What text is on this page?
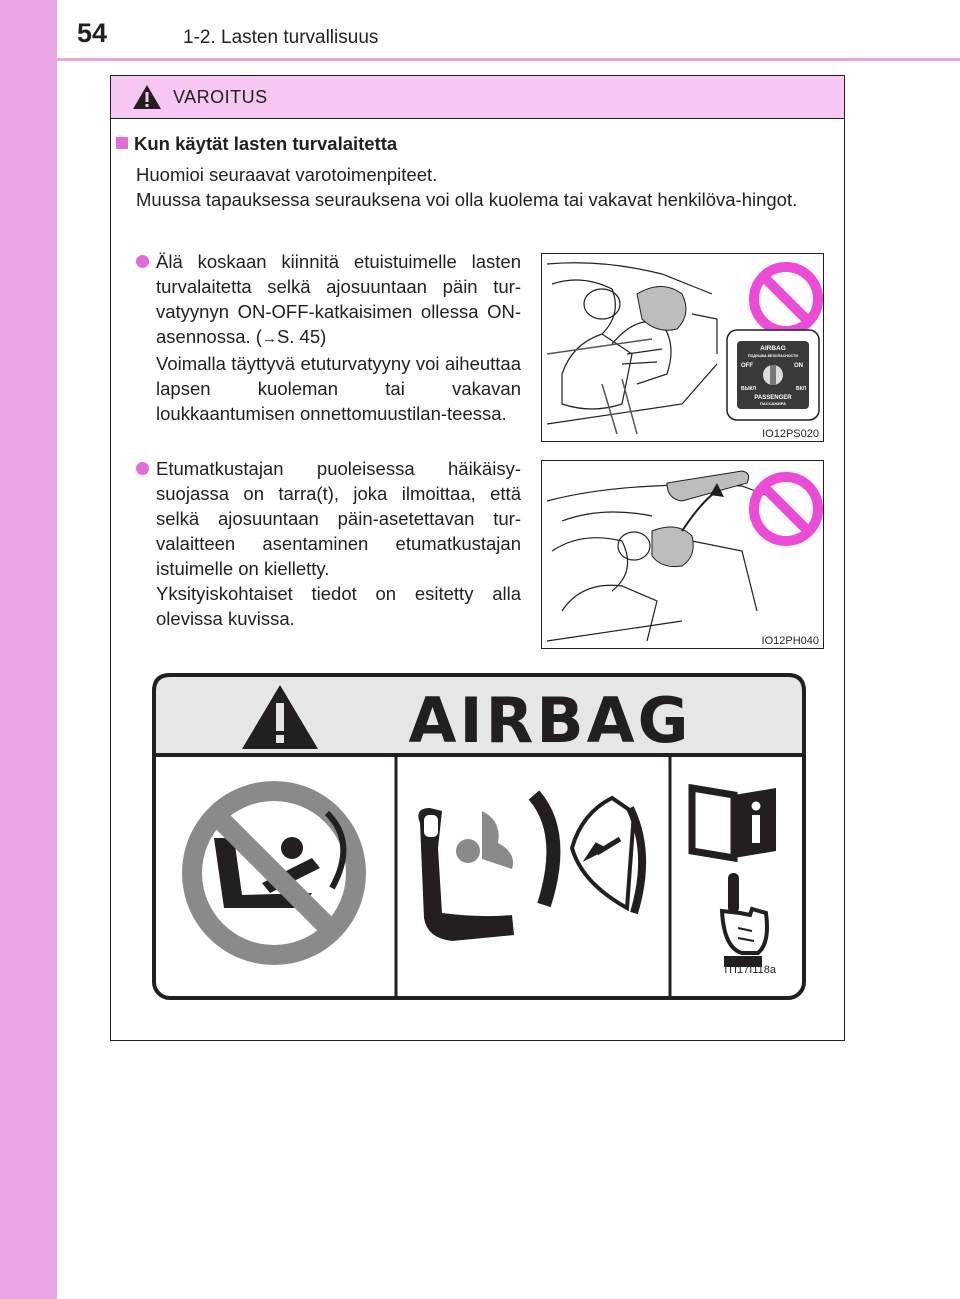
54	1-2. Lasten turvallisuus
VAROITUS
Kun käytät lasten turvalaitetta

Huomioi seuraavat varotoimenpiteet.

Muussa tapauksessa seurauksena voi olla kuolema tai vakavat henkilöva-hingot.

Älä koskaan kiinnitä etuistuimelle lasten turvalaitetta selkä ajosuuntaan päin tur-vatyynyn ON-OFF-katkaisimen ollessa ON-asennossa. (→S. 45)

Voimalla täyttyvä etuturvatyyny voi aiheuttaa lapsen kuoleman tai vakavan loukkaantumisen onnettomuustilan-teessa.

Etumatkustajan puoleisessa häikäisy-suojassa on tarra(t), joka ilmoittaa, että selkä ajosuuntaan päin-asetettavan tur-valaitteen asentaminen etumatkustajan istuimelle on kielletty.

Yksityiskohtaiset tiedot on esitetty alla olevissa kuvissa.

AIRBAG
ПОДУШКА БЕЗОПАСНОСТИ
OFF	ON
ВЫКЛ	ВКЛ
PASSENGER
ПАССАЖИРА
IO12PS020
IO12PH040
AIRBAG
ITI17I118a
